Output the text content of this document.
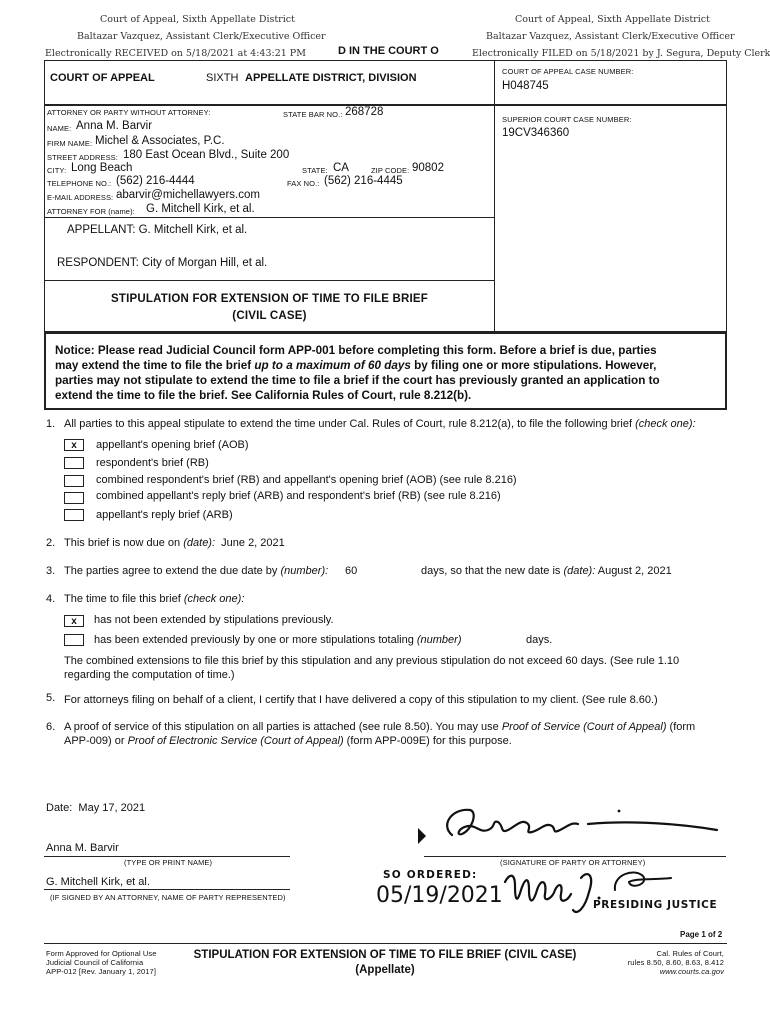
Court of Appeal, Sixth Appellate District
Baltazar Vazquez, Assistant Clerk/Executive Officer
Electronically RECEIVED on 5/18/2021 at 4:43:21 PM	D IN THE COURT O
Court of Appeal, Sixth Appellate District
Baltazar Vazquez, Assistant Clerk/Executive Officer
Electronically FILED on 5/18/2021 by J. Segura, Deputy Clerk
COURT OF APPEAL	SIXTH APPELLATE DISTRICT, DIVISION
COURT OF APPEAL CASE NUMBER:
H048745
SUPERIOR COURT CASE NUMBER:
19CV346360
ATTORNEY OR PARTY WITHOUT ATTORNEY:	STATE BAR NO.: 268728
NAME: Anna M. Barvir
FIRM NAME: Michel & Associates, P.C.
STREET ADDRESS: 180 East Ocean Blvd., Suite 200
CITY: Long Beach	STATE: CA	ZIP CODE: 90802
TELEPHONE NO.: (562) 216-4444	FAX NO.: (562) 216-4445
E-MAIL ADDRESS: abarvir@michellawyers.com
ATTORNEY FOR (name): G. Mitchell Kirk, et al.
APPELLANT: G. Mitchell Kirk, et al.
RESPONDENT: City of Morgan Hill, et al.
STIPULATION FOR EXTENSION OF TIME TO FILE BRIEF
(CIVIL CASE)
Notice: Please read Judicial Council form APP-001 before completing this form. Before a brief is due, parties
may extend the time to file the brief up to a maximum of 60 days by filing one or more stipulations. However,
parties may not stipulate to extend the time to file a brief if the court has previously granted an application to
extend the time to file the brief. See California Rules of Court, rule 8.212(b).
1. All parties to this appeal stipulate to extend the time under Cal. Rules of Court, rule 8.212(a), to file the following brief (check one):
x	appellant's opening brief (AOB)
respondent's brief (RB)
combined respondent's brief (RB) and appellant's opening brief (AOB) (see rule 8.216)
combined appellant's reply brief (ARB) and respondent's brief (RB) (see rule 8.216)
appellant's reply brief (ARB)
2. This brief is now due on (date): June 2, 2021
3. The parties agree to extend the due date by (number): 60	days, so that the new date is (date): August 2, 2021
4. The time to file this brief (check one):
x	has not been extended by stipulations previously.
has been extended previously by one or more stipulations totaling (number)	days.
The combined extensions to file this brief by this stipulation and any previous stipulation do not exceed 60 days. (See rule 1.10
regarding the computation of time.)
5. For attorneys filing on behalf of a client, I certify that I have delivered a copy of this stipulation to my client. (See rule 8.60.)
6. A proof of service of this stipulation on all parties is attached (see rule 8.50). You may use Proof of Service (Court of Appeal) (form
APP-009) or Proof of Electronic Service (Court of Appeal) (form APP-009E) for this purpose.
Date: May 17, 2021
Anna M. Barvir
(TYPE OR PRINT NAME)	(SIGNATURE OF PARTY OR ATTORNEY)
G. Mitchell Kirk, et al.
(IF SIGNED BY AN ATTORNEY, NAME OF PARTY REPRESENTED)
SO ORDERED:
05/19/2021	PRESIDING JUSTICE
Page 1 of 2
Form Approved for Optional Use
Judicial Council of California
APP-012 [Rev. January 1, 2017]
STIPULATION FOR EXTENSION OF TIME TO FILE BRIEF (CIVIL CASE)
(Appellate)
Cal. Rules of Court,
rules 8.50, 8.60, 8.63, 8.412
www.courts.ca.gov
